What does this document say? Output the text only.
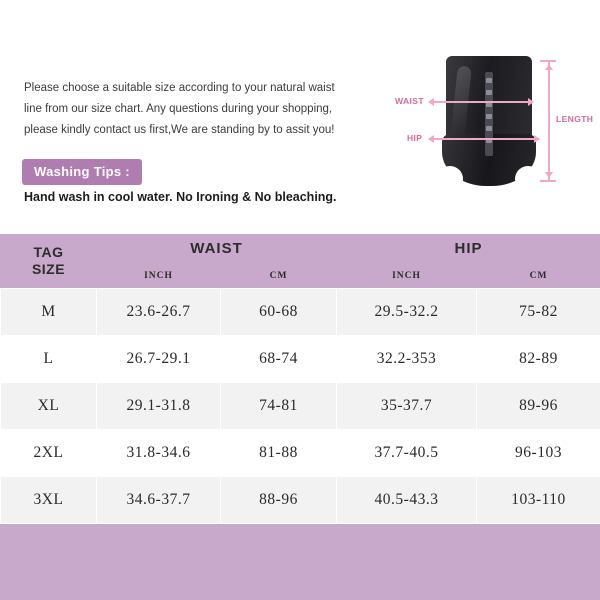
Please choose a suitable size according to your natural waist

line from our size chart. Any questions during your shopping,

please kindly contact us first,We are standing by to assit you!

Washing Tips :
Hand wash in cool water. No Ironing & No bleaching.
WAIST
HIP
LENGTH
TAG
SIZE	WAIST		HIP	
	INCH	CM	INCH	CM
M	23.6-26.7	60-68	29.5-32.2	75-82
L	26.7-29.1	68-74	32.2-353	82-89
XL	29.1-31.8	74-81	35-37.7	89-96
2XL	31.8-34.6	81-88	37.7-40.5	96-103
3XL	34.6-37.7	88-96	40.5-43.3	103-110
